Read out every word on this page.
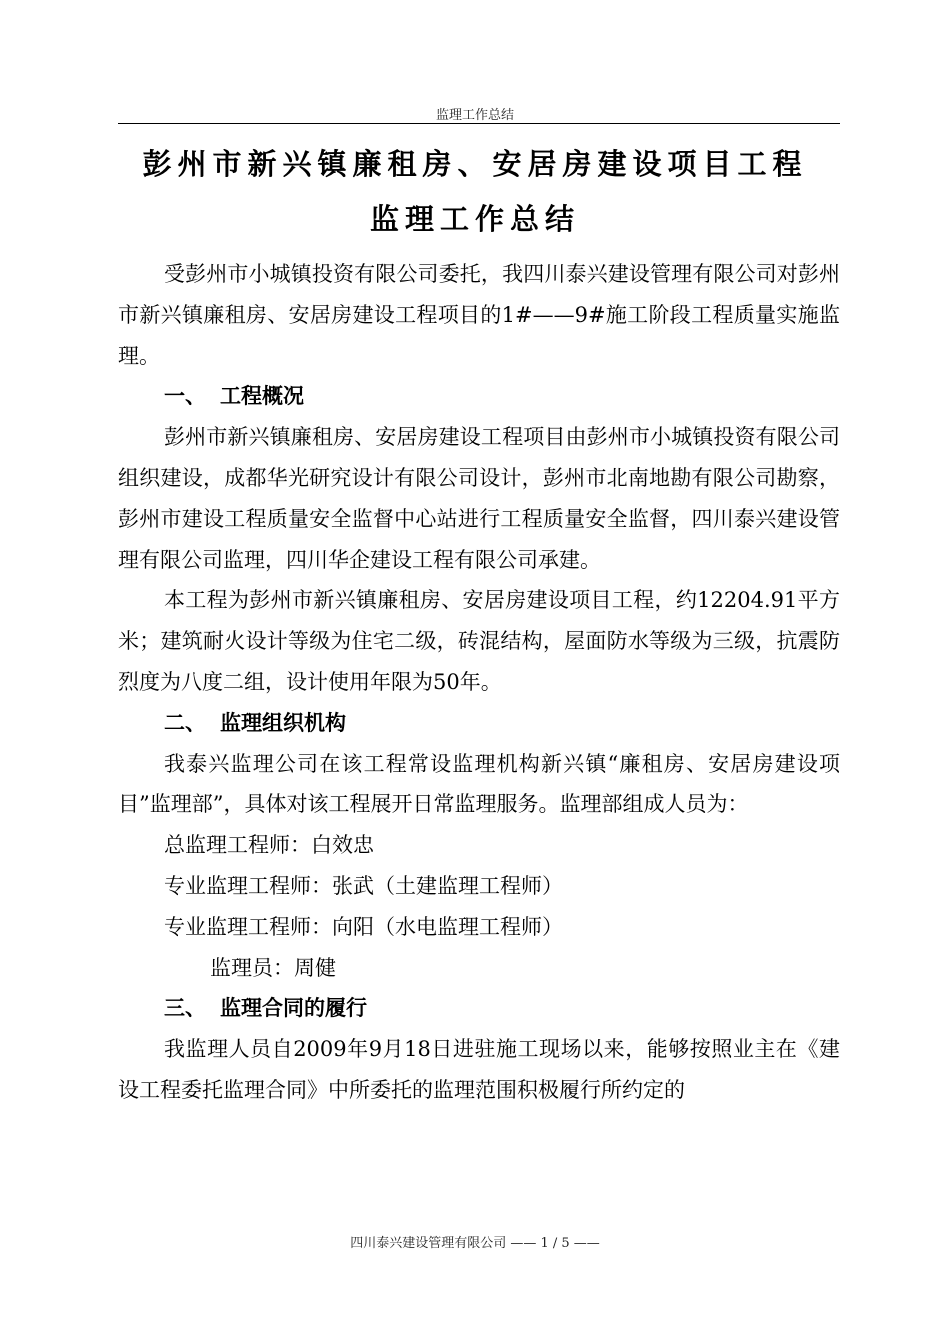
监理工作总结
彭州市新兴镇廉租房、安居房建设项目工程
监理工作总结

受彭州市小城镇投资有限公司委托，我四川泰兴建设管理有限公司对彭州市新兴镇廉租房、安居房建设工程项目的1#——9#施工阶段工程质量实施监理。

一、 工程概况

彭州市新兴镇廉租房、安居房建设工程项目由彭州市小城镇投资有限公司组织建设，成都华光研究设计有限公司设计，彭州市北南地勘有限公司勘察，彭州市建设工程质量安全监督中心站进行工程质量安全监督，四川泰兴建设管理有限公司监理，四川华企建设工程有限公司承建。

本工程为彭州市新兴镇廉租房、安居房建设项目工程，约12204.91平方米；建筑耐火设计等级为住宅二级，砖混结构，屋面防水等级为三级，抗震防烈度为八度二组，设计使用年限为50年。

二、 监理组织机构

我泰兴监理公司在该工程常设监理机构新兴镇“廉租房、安居房建设项目”监理部”，具体对该工程展开日常监理服务。监理部组成人员为：

总监理工程师：白效忠

专业监理工程师：张武（土建监理工程师）

专业监理工程师：向阳（水电监理工程师）

监理员：周健

三、 监理合同的履行

我监理人员自2009年9月18日进驻施工现场以来，能够按照业主在《建设工程委托监理合同》中所委托的监理范围积极履行所约定的

四川泰兴建设管理有限公司 —— 1 / 5 ——
